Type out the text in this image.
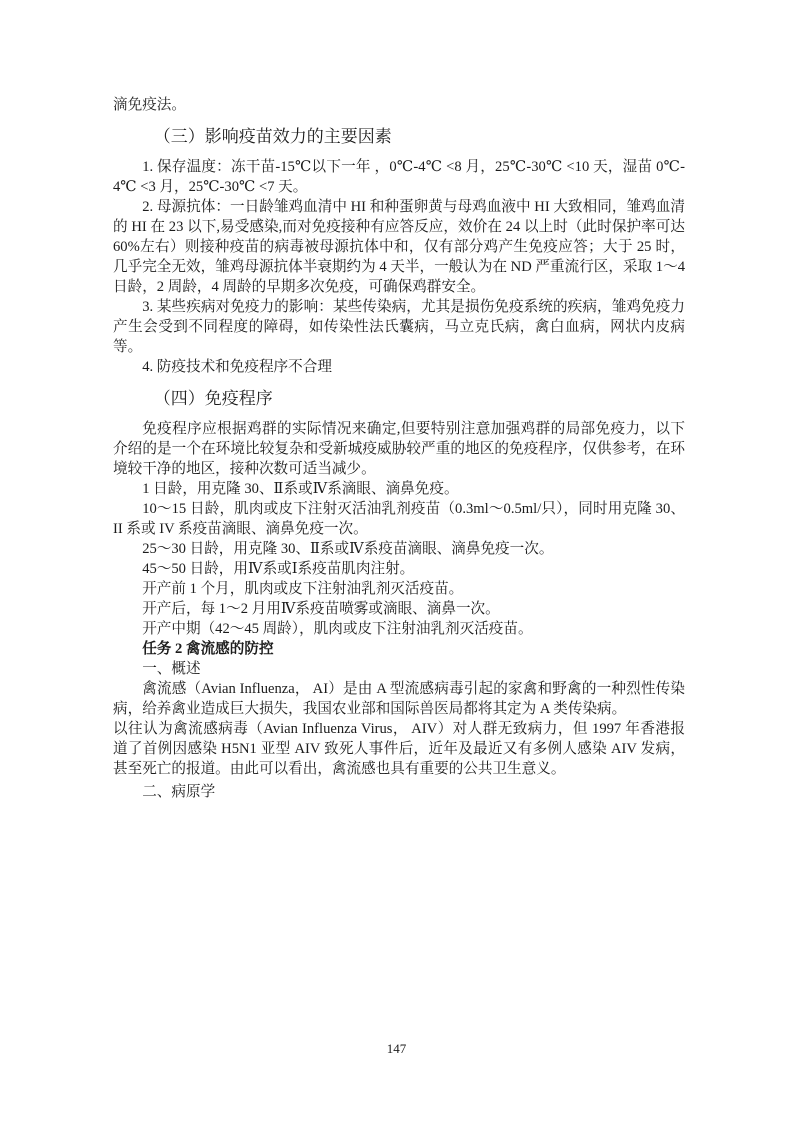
滴免疫法。

（三）影响疫苗效力的主要因素

1. 保存温度：冻干苗-15℃以下一年 ，0℃-4℃ <8 月，25℃-30℃ <10 天，湿苗 0℃-4℃ <3 月，25℃-30℃ <7 天。

2. 母源抗体：一日龄雏鸡血清中 HI 和种蛋卵黄与母鸡血液中 HI 大致相同，雏鸡血清的 HI 在 23 以下,易受感染,而对免疫接种有应答反应，效价在 24 以上时（此时保护率可达 60%左右）则接种疫苗的病毒被母源抗体中和，仅有部分鸡产生免疫应答；大于 25 时，几乎完全无效，雏鸡母源抗体半衰期约为 4 天半，一般认为在 ND 严重流行区，采取 1～4 日龄，2 周龄，4 周龄的早期多次免疫，可确保鸡群安全。

3. 某些疾病对免疫力的影响：某些传染病，尤其是损伤免疫系统的疾病，雏鸡免疫力产生会受到不同程度的障碍，如传染性法氏囊病，马立克氏病，禽白血病，网状内皮病等。

4. 防疫技术和免疫程序不合理

（四）免疫程序

免疫程序应根据鸡群的实际情况来确定,但要特别注意加强鸡群的局部免疫力，以下介绍的是一个在环境比较复杂和受新城疫威胁较严重的地区的免疫程序，仅供参考，在环境较干净的地区，接种次数可适当减少。

1 日龄，用克隆 30、Ⅱ系或Ⅳ系滴眼、滴鼻免疫。

10～15 日龄，肌肉或皮下注射灭活油乳剂疫苗（0.3ml～0.5ml/只），同时用克隆 30、II 系或 IV 系疫苗滴眼、滴鼻免疫一次。

25～30 日龄，用克隆 30、Ⅱ系或Ⅳ系疫苗滴眼、滴鼻免疫一次。

45～50 日龄，用Ⅳ系或Ⅰ系疫苗肌肉注射。

开产前 1 个月，肌肉或皮下注射油乳剂灭活疫苗。

开产后，每 1～2 月用Ⅳ系疫苗喷雾或滴眼、滴鼻一次。

开产中期（42～45 周龄），肌肉或皮下注射油乳剂灭活疫苗。

任务 2 禽流感的防控

一、概述

禽流感（Avian Influenza， AI）是由 A 型流感病毒引起的家禽和野禽的一种烈性传染病，给养禽业造成巨大损失，我国农业部和国际兽医局都将其定为 A 类传染病。

以往认为禽流感病毒（Avian Influenza Virus， AIV）对人群无致病力，但 1997 年香港报道了首例因感染 H5N1 亚型 AIV 致死人事件后，近年及最近又有多例人感染 AIV 发病，甚至死亡的报道。由此可以看出，禽流感也具有重要的公共卫生意义。

二、病原学

147
